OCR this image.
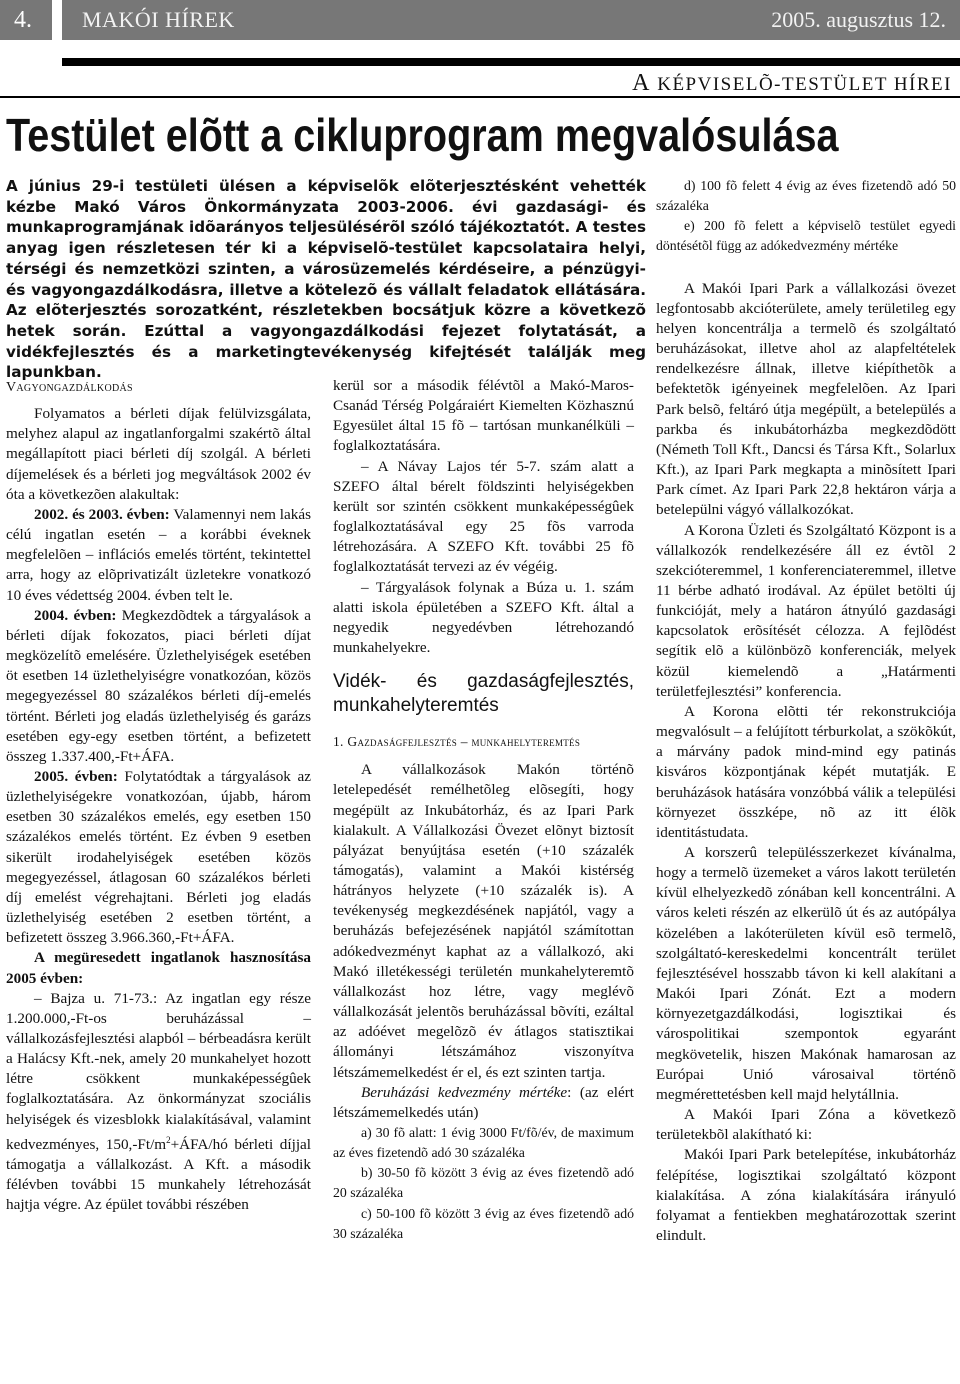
4.	MAKÓI HÍREK	2005. augusztus 12.
A KÉPVISELÕ-TESTÜLET HÍREI
Testület elõtt a cikluprogram megvalósulása
A június 29-i testületi ülésen a képviselõk elõterjesztésként vehették kézbe Makó Város Önkormányzata 2003-2006. évi gazdasági- és munkaprogramjának idõarányos teljesülésérõl szóló tájékoztatót. A testes anyag igen részletesen tér ki a képviselõ-testület kapcsolataira helyi, térségi és nemzetközi szinten, a városüzemelés kérdéseire, a pénzügyi- és vagyongazdálkodásra, illetve a kötelezõ és vállalt feladatok ellátására. Az elõterjesztés sorozatként, részletekben bocsátjuk közre a következõ hetek során. Ezúttal a vagyongazdálkodási fejezet folytatását, a vidékfejlesztés és a marketingtevékenység kifejtését találják meg lapunkban.
Vagyongazdálkodás

Folyamatos a bérleti díjak felülvizsgálata, melyhez alapul az ingatlanforgalmi szakértõ által megállapított piaci bérleti díj szolgál. A bérleti díjemelések és a bérleti jog megváltások 2002 év óta a következõen alakultak:

2002. és 2003. évben: Valamennyi nem lakás célú ingatlan esetén – a korábbi éveknek megfelelõen – inflációs emelés történt, tekintettel arra, hogy az elõprivatizált üzletekre vonatkozó 10 éves védettség 2004. évben telt le.

2004. évben: Megkezdõdtek a tárgyalások a bérleti díjak fokozatos, piaci bérleti díjat megközelítõ emelésére. Üzlethelyiségek esetében öt esetben 14 üzlethelyiségre vonatkozóan, közös megegyezéssel 80 százalékos bérleti díj-emelés történt. Bérleti jog eladás üzlethelyiség és garázs esetében egy-egy esetben történt, a befizetett összeg 1.337.400,-Ft+ÁFA.

2005. évben: Folytatódtak a tárgyalások az üzlethelyiségekre vonatkozóan, újabb, három esetben 30 százalékos emelés, egy esetben 150 százalékos emelés történt. Ez évben 9 esetben sikerült irodahelyiségek esetében közös megegyezéssel, átlagosan 60 százalékos bérleti díj emelést végrehajtani. Bérleti jog eladás üzlethelyiség esetében 2 esetben történt, a befizetett összeg 3.966.360,-Ft+ÁFA.

A megüresedett ingatlanok hasznosítása 2005 évben:

– Bajza u. 71-73.: Az ingatlan egy része 1.200.000,-Ft-os beruházással – vállalkozásfejlesztési alapból – bérbeadásra került a Halácsy Kft.-nek, amely 20 munkahelyet hozott létre csökkent munkaképességûek foglalkoztatására. Az önkormányzat szociális helyiségek és vizesblokk kialakításával, valamint kedvezményes, $150,-Ft/m^2+ÁFA/hó$ bérleti díjjal támogatja a vállalkozást. A Kft. a második félévben további 15 munkahely létrehozását hajtja végre. Az épület további részében

kerül sor a második félévtõl a Makó-Maros- Csanád Térség Polgáraiért Kiemelten Közhasznú Egyesület által 15 fõ – tartósan munkanélküli – foglalkoztatására.

– A Návay Lajos tér 5-7. szám alatt a SZEFO által bérelt földszinti helyiségekben került sor szintén csökkent munkaképességûek foglalkoztatásával egy 25 fõs varroda létrehozására. A SZEFO Kft. további 25 fõ foglalkoztatását tervezi az év végéig.

– Tárgyalások folynak a Búza u. 1. szám alatti iskola épületében a SZEFO Kft. által a negyedik negyedévben létrehozandó munkahelyekre.

Vidék- és gazdaságfejlesztés, munkahelyteremtés
1. Gazdaságfejlesztés – munkahelyteremtés

A vállalkozások Makón történõ letelepedését remélhetõleg elõsegíti, hogy megépült az Inkubátorház, és az Ipari Park kialakult. A Vállalkozási Övezet elõnyt biztosít pályázat benyújtása esetén (+10 százalék támogatás), valamint a Makói kistérség hátrányos helyzete (+10 százalék is). A tevékenység megkezdésének napjától, vagy a beruházás befejezésének napjától számítottan adókedvezményt kaphat az a vállalkozó, aki Makó illetékességi területén munkahelyteremtõ vállalkozást hoz létre, vagy meglévõ vállalkozását jelentõs beruházással bõvíti, ezáltal az adóévet megelõzõ év átlagos statisztikai állományi létszámához viszonyítva létszámemelkedést ér el, és ezt szinten tartja.

Beruházási kedvezmény mértéke: (az elért létszámemelkedés után)

a) 30 fõ alatt: 1 évig 3000 Ft/fõ/év, de maximum az éves fizetendõ adó 30 százaléka

b) 30-50 fõ között 3 évig az éves fizetendõ adó 20 százaléka

c) 50-100 fõ között 3 évig az éves fizetendõ adó 30 százaléka

d) 100 fõ felett 4 évig az éves fizetendõ adó 50 százaléka

e) 200 fõ felett a képviselõ testület egyedi döntésétõl függ az adókedvezmény mértéke

A Makói Ipari Park a vállalkozási övezet legfontosabb akcióterülete, amely területileg egy helyen koncentrálja a termelõ és szolgáltató beruházásokat, illetve ahol az alapfeltételek rendelkezésre állnak, illetve kiépíthetõk a befektetõk igényeinek megfelelõen. Az Ipari Park belsõ, feltáró útja megépült, a betelepülés a parkba és inkubátorházba megkezdõdött (Németh Toll Kft., Dancsi és Társa Kft., Solarlux Kft.), az Ipari Park megkapta a minõsített Ipari Park címet. Az Ipari Park 22,8 hektáron várja a betelepülni vágyó vállalkozókat.

A Korona Üzleti és Szolgáltató Központ is a vállalkozók rendelkezésére áll ez évtõl 2 szekcióteremmel, 1 konferenciateremmel, illetve 11 bérbe adható irodával. Az épület betölti új funkcióját, mely a határon átnyúló gazdasági kapcsolatok erõsítését célozza. A fejlõdést segítik elõ a különbözõ konferenciák, melyek közül kiemelendõ a „Határmenti területfejlesztési” konferencia.

A Korona elõtti tér rekonstrukciója megvalósult – a felújított térburkolat, a szökõkút, a márvány padok mind-mind egy patinás kisváros központjának képét mutatják. E beruházások hatására vonzóbbá válik a települési környezet összképe, nõ az itt élõk identitástudata.

A korszerû településszerkezet kívánalma, hogy a termelõ üzemeket a város lakott területén kívül elhelyezkedõ zónában kell koncentrálni. A város keleti részén az elkerülõ út és az autópálya közelében a lakóterületen kívül esõ termelõ, szolgáltató-kereskedelmi koncentrált terület fejlesztésével hosszabb távon ki kell alakítani a Makói Ipari Zónát. Ezt a modern környezetgazdálkodási, logisztikai és várospolitikai szempontok egyaránt megkövetelik, hiszen Makónak hamarosan az Európai Unió városaival történõ megmérettetésben kell majd helytállnia.

A Makói Ipari Zóna a következõ területekbõl alakítható ki:

Makói Ipari Park betelepítése, inkubátorház felépítése, logisztikai szolgáltató központ kialakítása. A zóna kialakítására irányuló folyamat a fentiekben meghatározottak szerint elindult.
